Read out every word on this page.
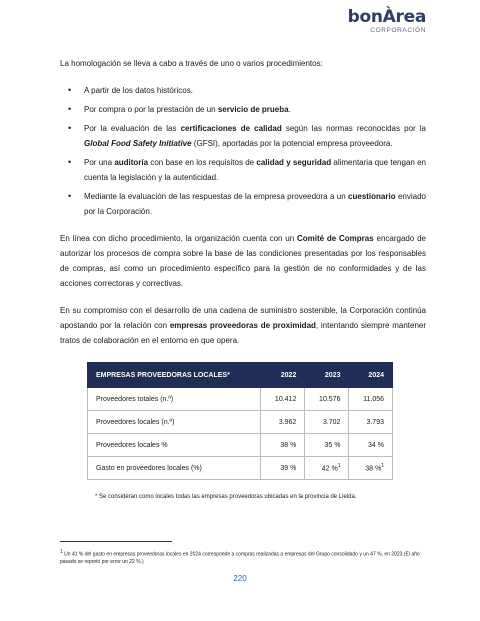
bonÀrea
CORPORACIÓN

La homologación se lleva a cabo a través de uno o varios procedimientos:

• A partir de los datos históricos.
• Por compra o por la prestación de un servicio de prueba.
• Por la evaluación de las certificaciones de calidad según las normas reconocidas por la Global Food Safety Initiative (GFSI), aportadas por la potencial empresa proveedora.
• Por una auditoría con base en los requisitos de calidad y seguridad alimentaria que tengan en cuenta la legislación y la autenticidad.
• Mediante la evaluación de las respuestas de la empresa proveedora a un cuestionario enviado por la Corporación.

En línea con dicho procedimiento, la organización cuenta con un Comité de Compras encargado de autorizar los procesos de compra sobre la base de las condiciones presentadas por los responsables de compras, así como un procedimiento específico para la gestión de no conformidades y de las acciones correctoras y correctivas.

En su compromiso con el desarrollo de una cadena de suministro sostenible, la Corporación continúa apostando por la relación con empresas proveedoras de proximidad, intentando siempre mantener tratos de colaboración en el entorno en que opera.

EMPRESAS PROVEEDORAS LOCALES*	2022	2023	2024
Proveedores totales (n.º)	10.412	10.576	11.056
Proveedores locales (n.º)	3.962	3.702	3.793
Proveedores locales %	38 %	35 %	34 %
Gasto en proveedores locales (%)	39 %	42 %$^1$	38 %$^1$

* Se consideran como locales todas las empresas proveedoras ubicadas en la provincia de Lleida.

$^1$ Un 41 % del gasto en empresas proveedoras locales en 2024 corresponde a compras realizadas a empresas del Grupo consolidado y un 47 %, en 2023.(El año pasado se reportó por error un 22 %.)

220
